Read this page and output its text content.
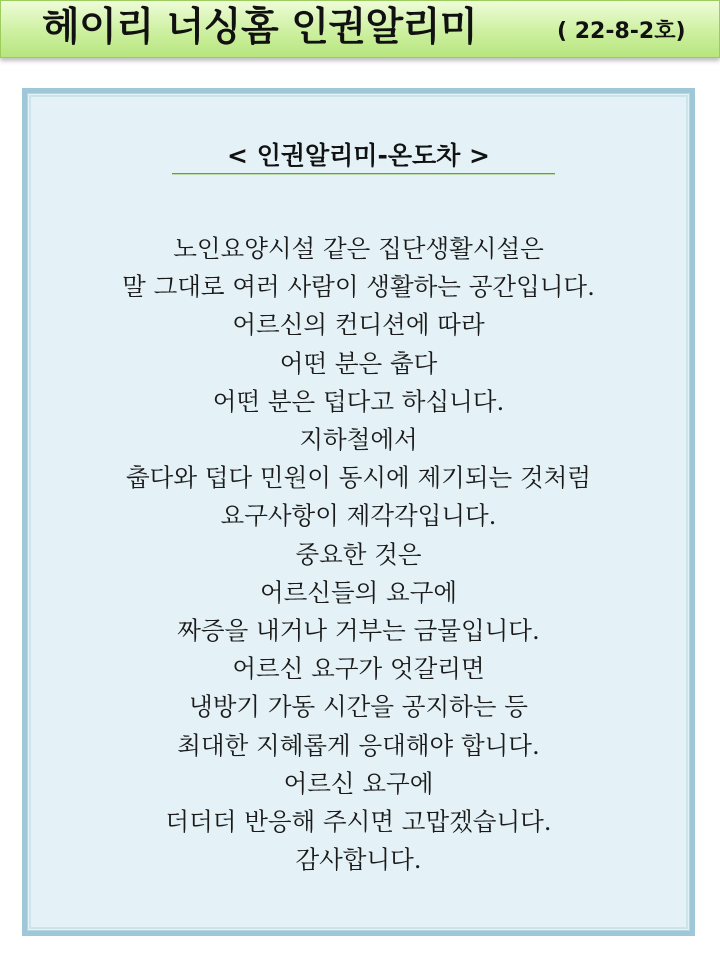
헤이리 너싱홈 인권알리미	( 22-8-2호)
< 인권알리미-온도차 >

노인요양시설 같은 집단생활시설은

말 그대로 여러 사람이 생활하는 공간입니다.

어르신의 컨디션에 따라

어떤 분은 춥다

어떤 분은 덥다고 하십니다.

지하철에서

춥다와 덥다 민원이 동시에 제기되는 것처럼

요구사항이 제각각입니다.

중요한 것은

어르신들의 요구에

짜증을 내거나 거부는 금물입니다.

어르신 요구가 엇갈리면

냉방기 가동 시간을 공지하는 등

최대한 지혜롭게 응대해야 합니다.

어르신 요구에

더더더 반응해 주시면 고맙겠습니다.

감사합니다.
